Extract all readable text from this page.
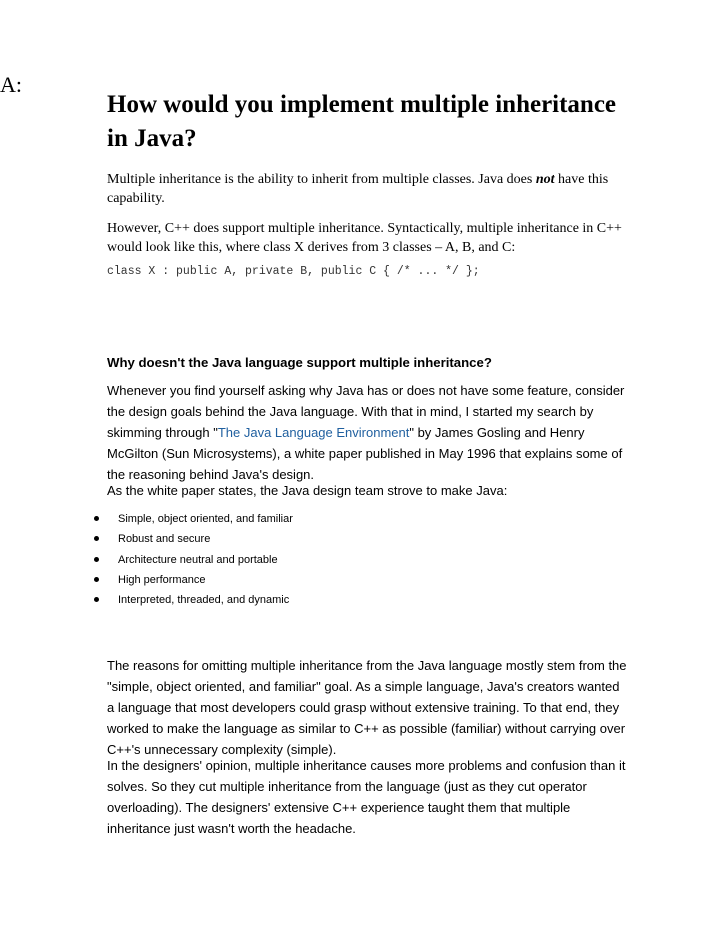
A:
How would you implement multiple inheritance in Java?

Multiple inheritance is the ability to inherit from multiple classes. Java does not have this capability.

However, C++ does support multiple inheritance. Syntactically, multiple inheritance in C++ would look like this, where class X derives from 3 classes – A, B, and C:

class X : public A, private B, public C { /* ... */ };
Why doesn't the Java language support multiple inheritance?

Whenever you find yourself asking why Java has or does not have some feature, consider the design goals behind the Java language. With that in mind, I started my search by skimming through "The Java Language Environment" by James Gosling and Henry McGilton (Sun Microsystems), a white paper published in May 1996 that explains some of the reasoning behind Java's design.

As the white paper states, the Java design team strove to make Java:

Simple, object oriented, and familiar
Robust and secure
Architecture neutral and portable
High performance
Interpreted, threaded, and dynamic

The reasons for omitting multiple inheritance from the Java language mostly stem from the "simple, object oriented, and familiar" goal. As a simple language, Java's creators wanted a language that most developers could grasp without extensive training. To that end, they worked to make the language as similar to C++ as possible (familiar) without carrying over C++'s unnecessary complexity (simple).

In the designers' opinion, multiple inheritance causes more problems and confusion than it solves. So they cut multiple inheritance from the language (just as they cut operator overloading). The designers' extensive C++ experience taught them that multiple inheritance just wasn't worth the headache.
